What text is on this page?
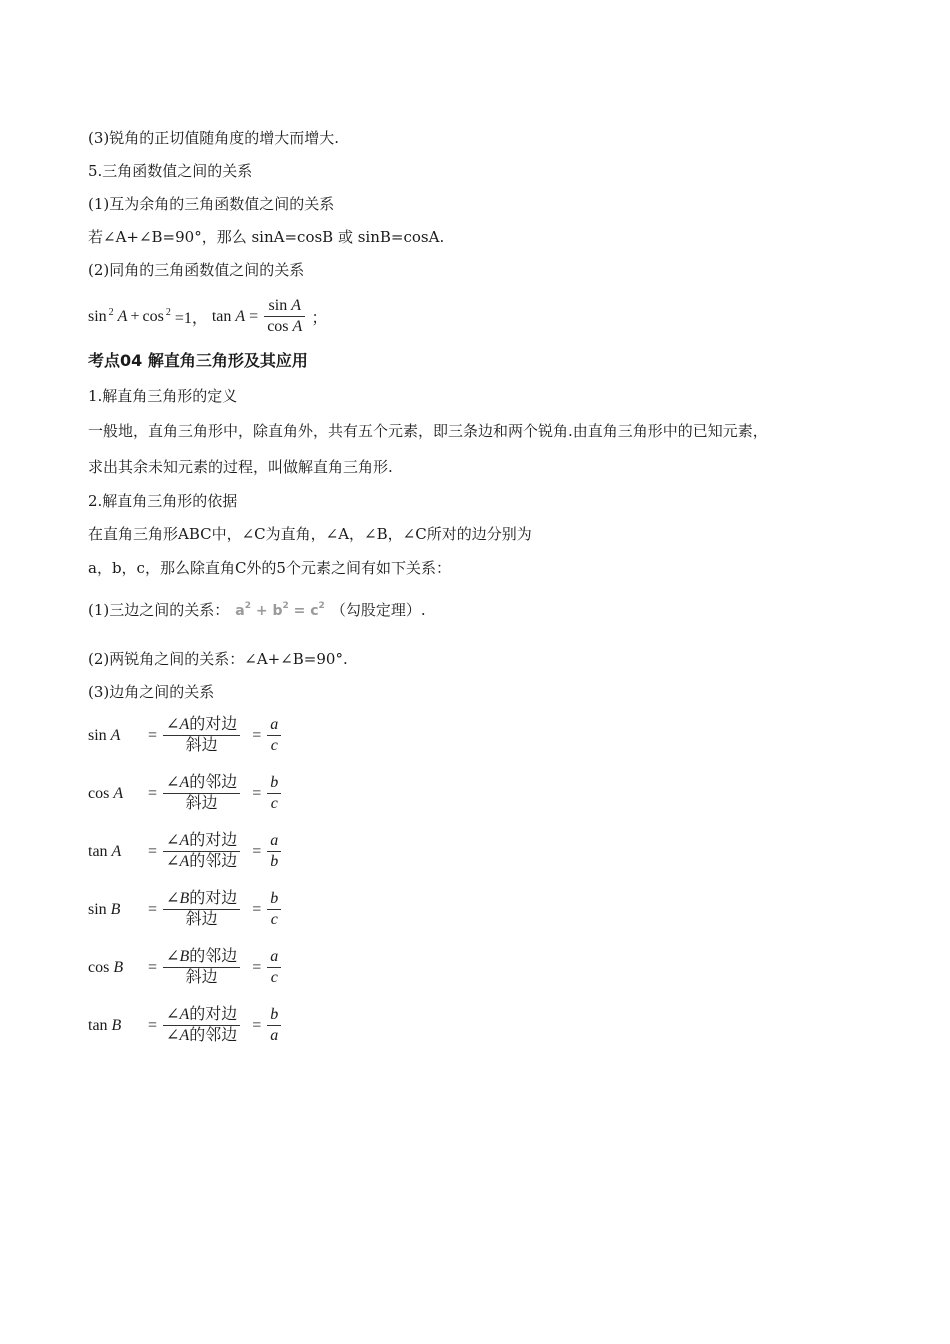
(3)锐角的正切值随角度的增大而增大.
5.三角函数值之间的关系
(1)互为余角的三角函数值之间的关系
若∠A+∠B=90°，那么 sinA=cosB 或 sinB=cosA.
(2)同角的三角函数值之间的关系
sin $^2$ A + cos $^2$ =1， tan
$A = \frac{\text{sin A}}{\text{cos A}}$ ；
考点04 解直角三角形及其应用
1.解直角三角形的定义
一般地，直角三角形中，除直角外，共有五个元素，即三条边和两个锐角.由直角三角形中的已知元素，
求出其余未知元素的过程，叫做解直角三角形.
2.解直角三角形的依据
在直角三角形ABC中，∠C为直角，∠A，∠B，∠C所对的边分别为
a，b，c，那么除直角C外的5个元素之间有如下关系：
(1)三边之间的关系： $a^2 + b^2 = c^2$ （勾股定理）.
(2)两锐角之间的关系：∠A+∠B=90°.
(3)边角之间的关系
sin A	= $\frac{\text{∠A的对边}}{\text{斜边}} = \frac{a}{c}$
cos A	= $\frac{\text{∠A的邻边}}{\text{斜边}} = \frac{b}{c}$
tan A	= $\frac{\text{∠A的对边}}{\text{∠A的邻边}} = \frac{a}{b}$
sin B	= $\frac{\text{∠B的对边}}{\text{斜边}} = \frac{b}{c}$
cos B	= $\frac{\text{∠B的邻边}}{\text{斜边}} = \frac{a}{c}$
tan B	= $\frac{\text{∠A的对边}}{\text{∠A的邻边}} = \frac{b}{a}$
